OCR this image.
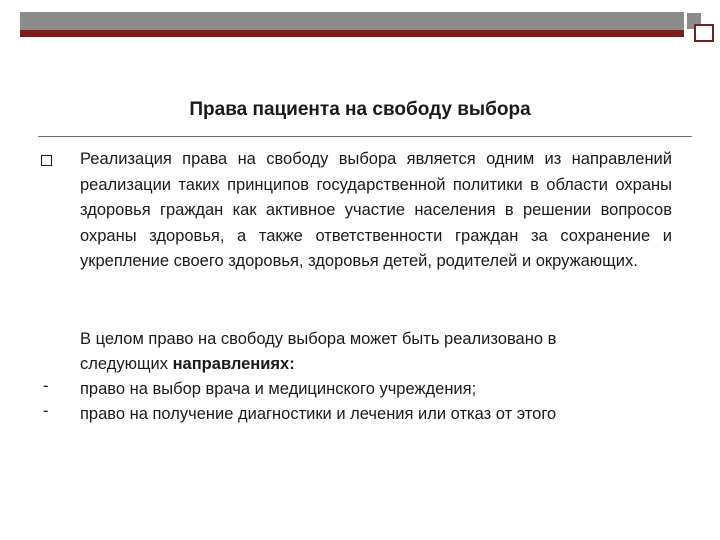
Права пациента на свободу выбора
Реализация права на свободу выбора является одним из направлений реализации таких принципов государственной политики в области охраны здоровья граждан как активное участие населения в решении вопросов охраны здоровья, а также ответственности граждан за сохранение и укрепление своего здоровья, здоровья детей, родителей и окружающих.
В целом право на свободу выбора может быть реализовано в
следующих направлениях:
право на выбор врача и медицинского учреждения;
право на получение диагностики и лечения или отказ от этого
-
-
